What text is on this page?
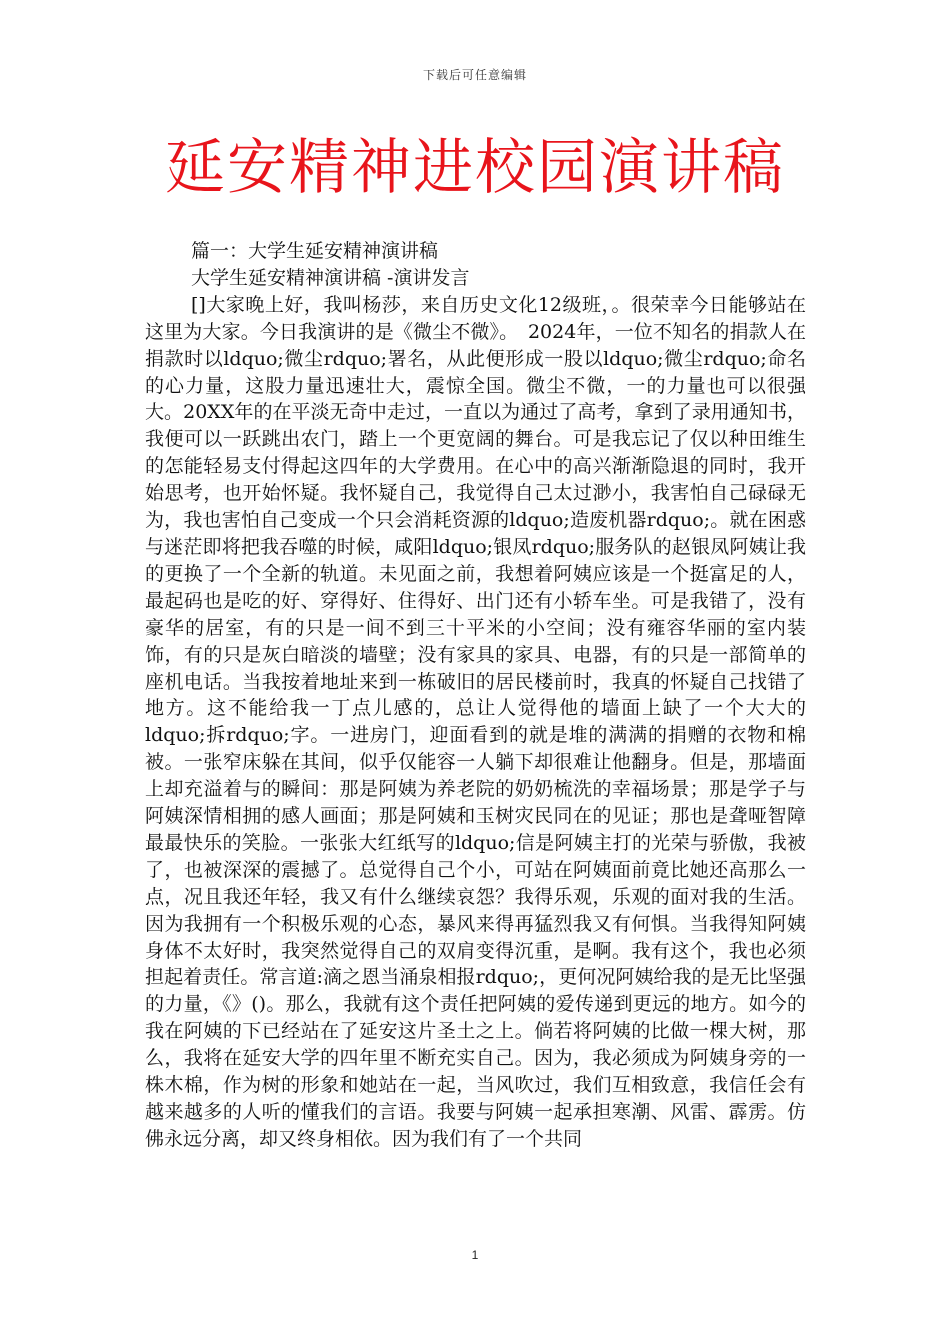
下载后可任意编辑
延安精神进校园演讲稿

篇一：大学生延安精神演讲稿

大学生延安精神演讲稿 -演讲发言

[]大家晚上好，我叫杨莎，来自历史文化12级班，。很荣幸今日能够站在这里为大家。今日我演讲的是《微尘不微》。　2024年，一位不知名的捐款人在捐款时以ldquo;微尘rdquo;署名，从此便形成一股以ldquo;微尘rdquo;命名的心力量，这股力量迅速壮大，震惊全国。微尘不微，一的力量也可以很强大。20XX年的在平淡无奇中走过，一直以为通过了高考，拿到了录用通知书，我便可以一跃跳出农门，踏上一个更宽阔的舞台。可是我忘记了仅以种田维生的怎能轻易支付得起这四年的大学费用。在心中的高兴渐渐隐退的同时，我开始思考，也开始怀疑。我怀疑自己，我觉得自己太过渺小，我害怕自己碌碌无为，我也害怕自己变成一个只会消耗资源的ldquo;造废机器rdquo;。就在困惑与迷茫即将把我吞噬的时候，咸阳ldquo;银凤rdquo;服务队的赵银凤阿姨让我的更换了一个全新的轨道。未见面之前，我想着阿姨应该是一个挺富足的人，最起码也是吃的好、穿得好、住得好、出门还有小轿车坐。可是我错了，没有豪华的居室，有的只是一间不到三十平米的小空间；没有雍容华丽的室内装饰，有的只是灰白暗淡的墙壁；没有家具的家具、电器，有的只是一部简单的座机电话。当我按着地址来到一栋破旧的居民楼前时，我真的怀疑自己找错了地方。这不能给我一丁点儿感的，总让人觉得他的墙面上缺了一个大大的ldquo;拆rdquo;字。一进房门，迎面看到的就是堆的满满的捐赠的衣物和棉被。一张窄床躲在其间，似乎仅能容一人躺下却很难让他翻身。但是，那墙面上却充溢着与的瞬间：那是阿姨为养老院的奶奶梳洗的幸福场景；那是学子与阿姨深情相拥的感人画面；那是阿姨和玉树灾民同在的见证；那也是聋哑智障最最快乐的笑脸。一张张大红纸写的ldquo;信是阿姨主打的光荣与骄傲，我被了，也被深深的震撼了。总觉得自己个小，可站在阿姨面前竟比她还高那么一点，况且我还年轻，我又有什么继续哀怨？我得乐观，乐观的面对我的生活。因为我拥有一个积极乐观的心态，暴风来得再猛烈我又有何惧。当我得知阿姨身体不太好时，我突然觉得自己的双肩变得沉重，是啊。我有这个，我也必须担起着责任。常言道:滴之恩当涌泉相报rdquo;，更何况阿姨给我的是无比坚强的力量，《》()。那么，我就有这个责任把阿姨的爱传递到更远的地方。如今的我在阿姨的下已经站在了延安这片圣土之上。倘若将阿姨的比做一棵大树，那么，我将在延安大学的四年里不断充实自己。因为，我必须成为阿姨身旁的一株木棉，作为树的形象和她站在一起，当风吹过，我们互相致意，我信任会有越来越多的人听的懂我们的言语。我要与阿姨一起承担寒潮、风雷、霹雳。仿佛永远分离，却又终身相依。因为我们有了一个共同

1
